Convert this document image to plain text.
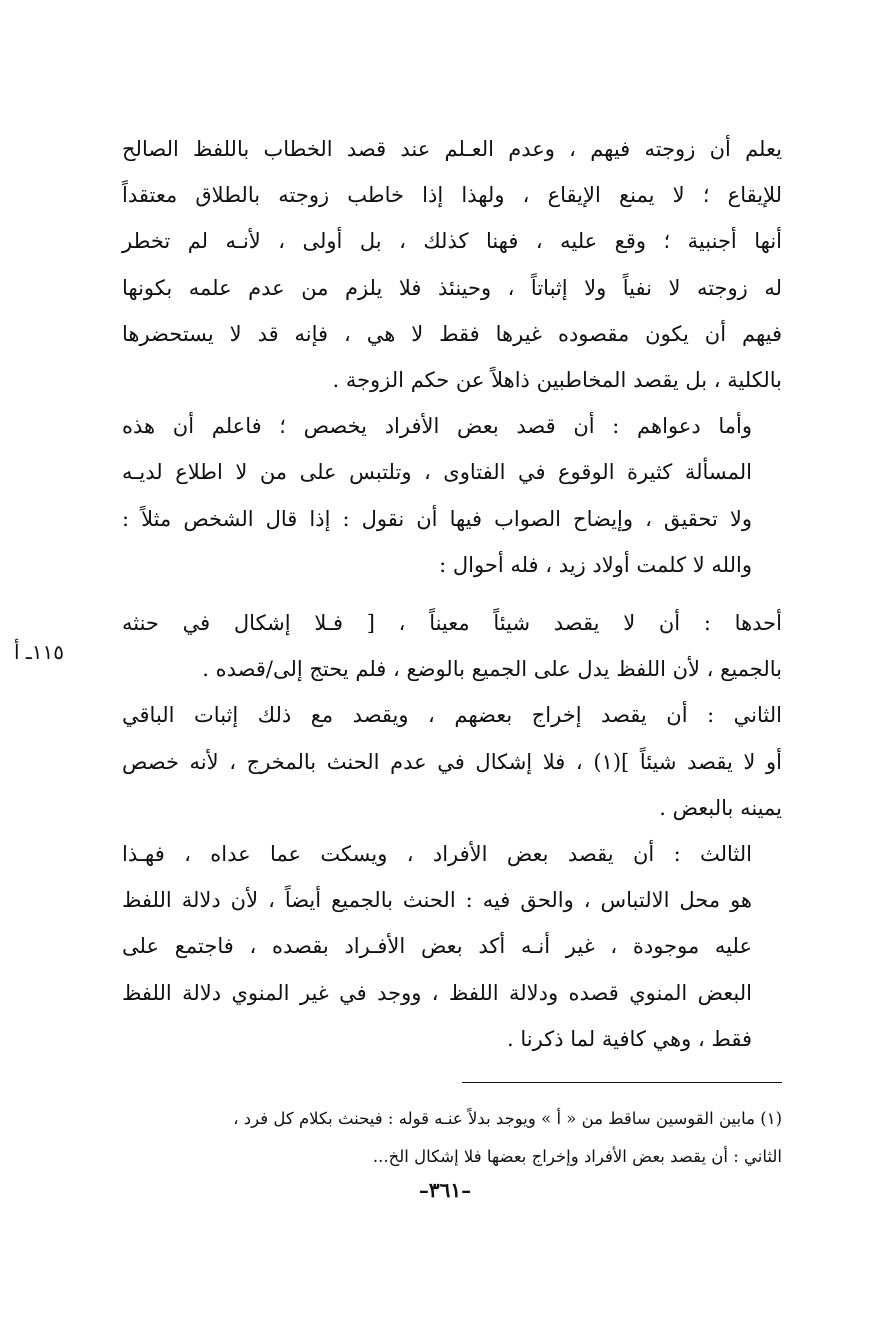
يعلم أن زوجته فيهم ، وعدم العـلم عند قصد الخطاب باللفظ الصالح
للإيقاع ؛ لا يمنع الإيقاع ، ولهذا إذا خاطب زوجته بالطلاق معتقداً
أنها أجنبية ؛ وقع عليه ، فهنا كذلك ، بل أولى ، لأنـه لم تخطر
له زوجته لا نفياً ولا إثباتاً ، وحينئذ فلا يلزم من عدم علمه بكونها
فيهم أن يكون مقصوده غيرها فقط لا هي ، فإنه قد لا يستحضرها
بالكلية ، بل يقصد المخاطبين ذاهلاً عن حكم الزوجة .

وأما دعواهم : أن قصد بعض الأفراد يخصص ؛ فاعلم أن هذه
المسألة كثيرة الوقوع في الفتاوى ، وتلتبس على من لا اطلاع لديـه
ولا تحقيق ، وإيضاح الصواب فيها أن نقول : إذا قال الشخص مثلاً :
والله لا كلمت أولاد زيد ، فله أحوال :

أحدها : أن لا يقصد شيئاً معيناً ، [ فـلا إشكال في حنثه
بالجميع ، لأن اللفظ يدل على الجميع بالوضع ، فلم يحتج إلى/قصده .

الثاني : أن يقصد إخراج بعضهم ، ويقصد مع ذلك إثبات الباقي
أو لا يقصد شيئاً ](١) ، فلا إشكال في عدم الحنث بالمخرج ، لأنه خصص
يمينه بالبعض .

الثالث : أن يقصد بعض الأفراد ، ويسكت عما عداه ، فهـذا
هو محل الالتباس ، والحق فيه : الحنث بالجميع أيضاً ، لأن دلالة اللفظ
عليه موجودة ، غير أنـه أكد بعض الأفـراد بقصده ، فاجتمع على
البعض المنوي قصده ودلالة اللفظ ، ووجد في غير المنوي دلالة اللفظ
فقط ، وهي كافية لما ذكرنا .

١١٥ـ أ
(١) مابين القوسين ساقط من « أ » ويوجد بدلاً عنـه قوله : فيحنث بكلام كل فرد ،
الثاني : أن يقصد بعض الأفراد وإخراج بعضها فلا إشكال الخ...
–٣٦١–
